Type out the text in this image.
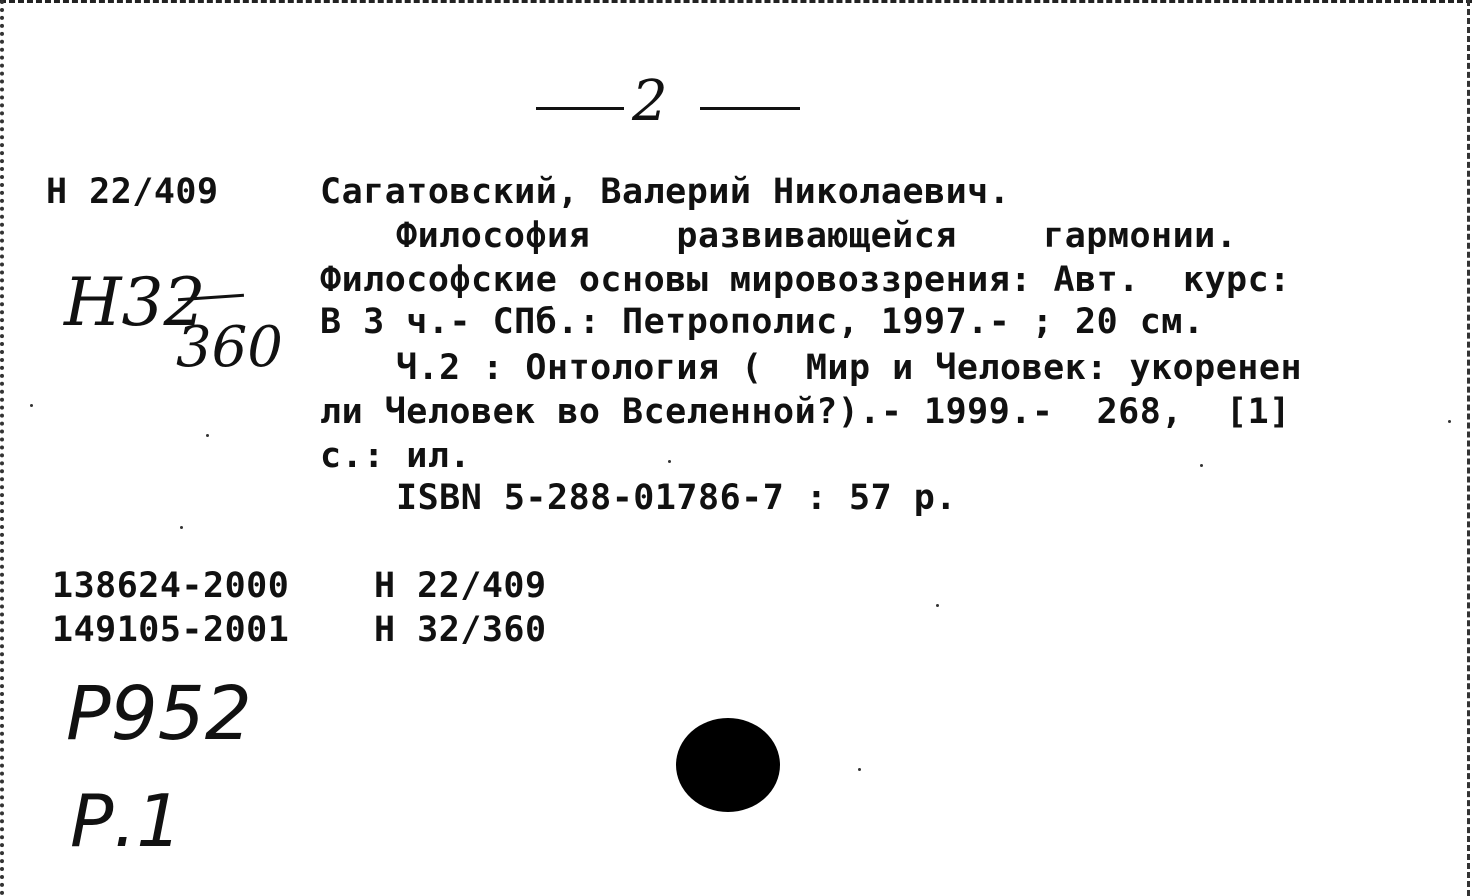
2
Н 22/409
Н32
360
Сагатовский, Валерий Николаевич.
Философия    развивающейся    гармонии.
Философские основы мировоззрения: Авт.  курс:
В 3 ч.- СПб.: Петрополис, 1997.- ; 20 см.
Ч.2 : Онтология (  Мир и Человек: укоренен
ли Человек во Вселенной?).- 1999.-  268,  [1]
с.: ил.
ISBN 5-288-01786-7 : 57 р.
138624-2000 Н 22/409
149105-2001 Н 32/360
Р952
Р.1
